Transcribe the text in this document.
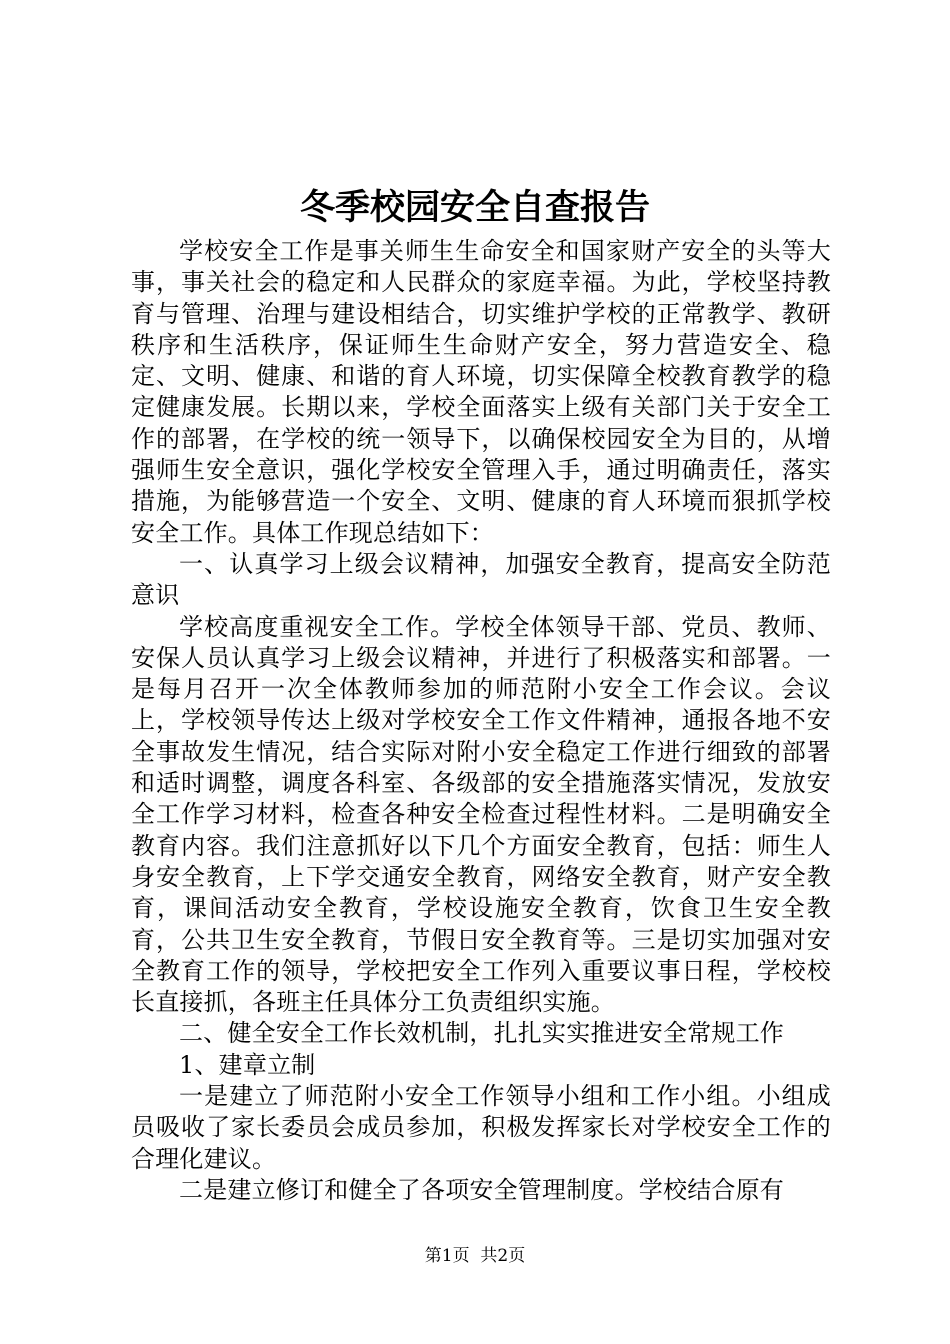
冬季校园安全自查报告

学校安全工作是事关师生生命安全和国家财产安全的头等大事，事关社会的稳定和人民群众的家庭幸福。为此，学校坚持教育与管理、治理与建设相结合，切实维护学校的正常教学、教研秩序和生活秩序，保证师生生命财产安全，努力营造安全、稳定、文明、健康、和谐的育人环境，切实保障全校教育教学的稳定健康发展。长期以来，学校全面落实上级有关部门关于安全工作的部署，在学校的统一领导下，以确保校园安全为目的，从增强师生安全意识，强化学校安全管理入手，通过明确责任，落实措施，为能够营造一个安全、文明、健康的育人环境而狠抓学校安全工作。具体工作现总结如下：

一、认真学习上级会议精神，加强安全教育，提高安全防范意识

学校高度重视安全工作。学校全体领导干部、党员、教师、安保人员认真学习上级会议精神，并进行了积极落实和部署。一是每月召开一次全体教师参加的师范附小安全工作会议。会议上，学校领导传达上级对学校安全工作文件精神，通报各地不安全事故发生情况，结合实际对附小安全稳定工作进行细致的部署和适时调整，调度各科室、各级部的安全措施落实情况，发放安全工作学习材料，检查各种安全检查过程性材料。二是明确安全教育内容。我们注意抓好以下几个方面安全教育，包括：师生人身安全教育，上下学交通安全教育，网络安全教育，财产安全教育，课间活动安全教育，学校设施安全教育，饮食卫生安全教育，公共卫生安全教育，节假日安全教育等。三是切实加强对安全教育工作的领导，学校把安全工作列入重要议事日程，学校校长直接抓，各班主任具体分工负责组织实施。

二、健全安全工作长效机制，扎扎实实推进安全常规工作

1、建章立制

一是建立了师范附小安全工作领导小组和工作小组。小组成员吸收了家长委员会成员参加，积极发挥家长对学校安全工作的合理化建议。

二是建立修订和健全了各项安全管理制度。学校结合原有

第1页 共2页
